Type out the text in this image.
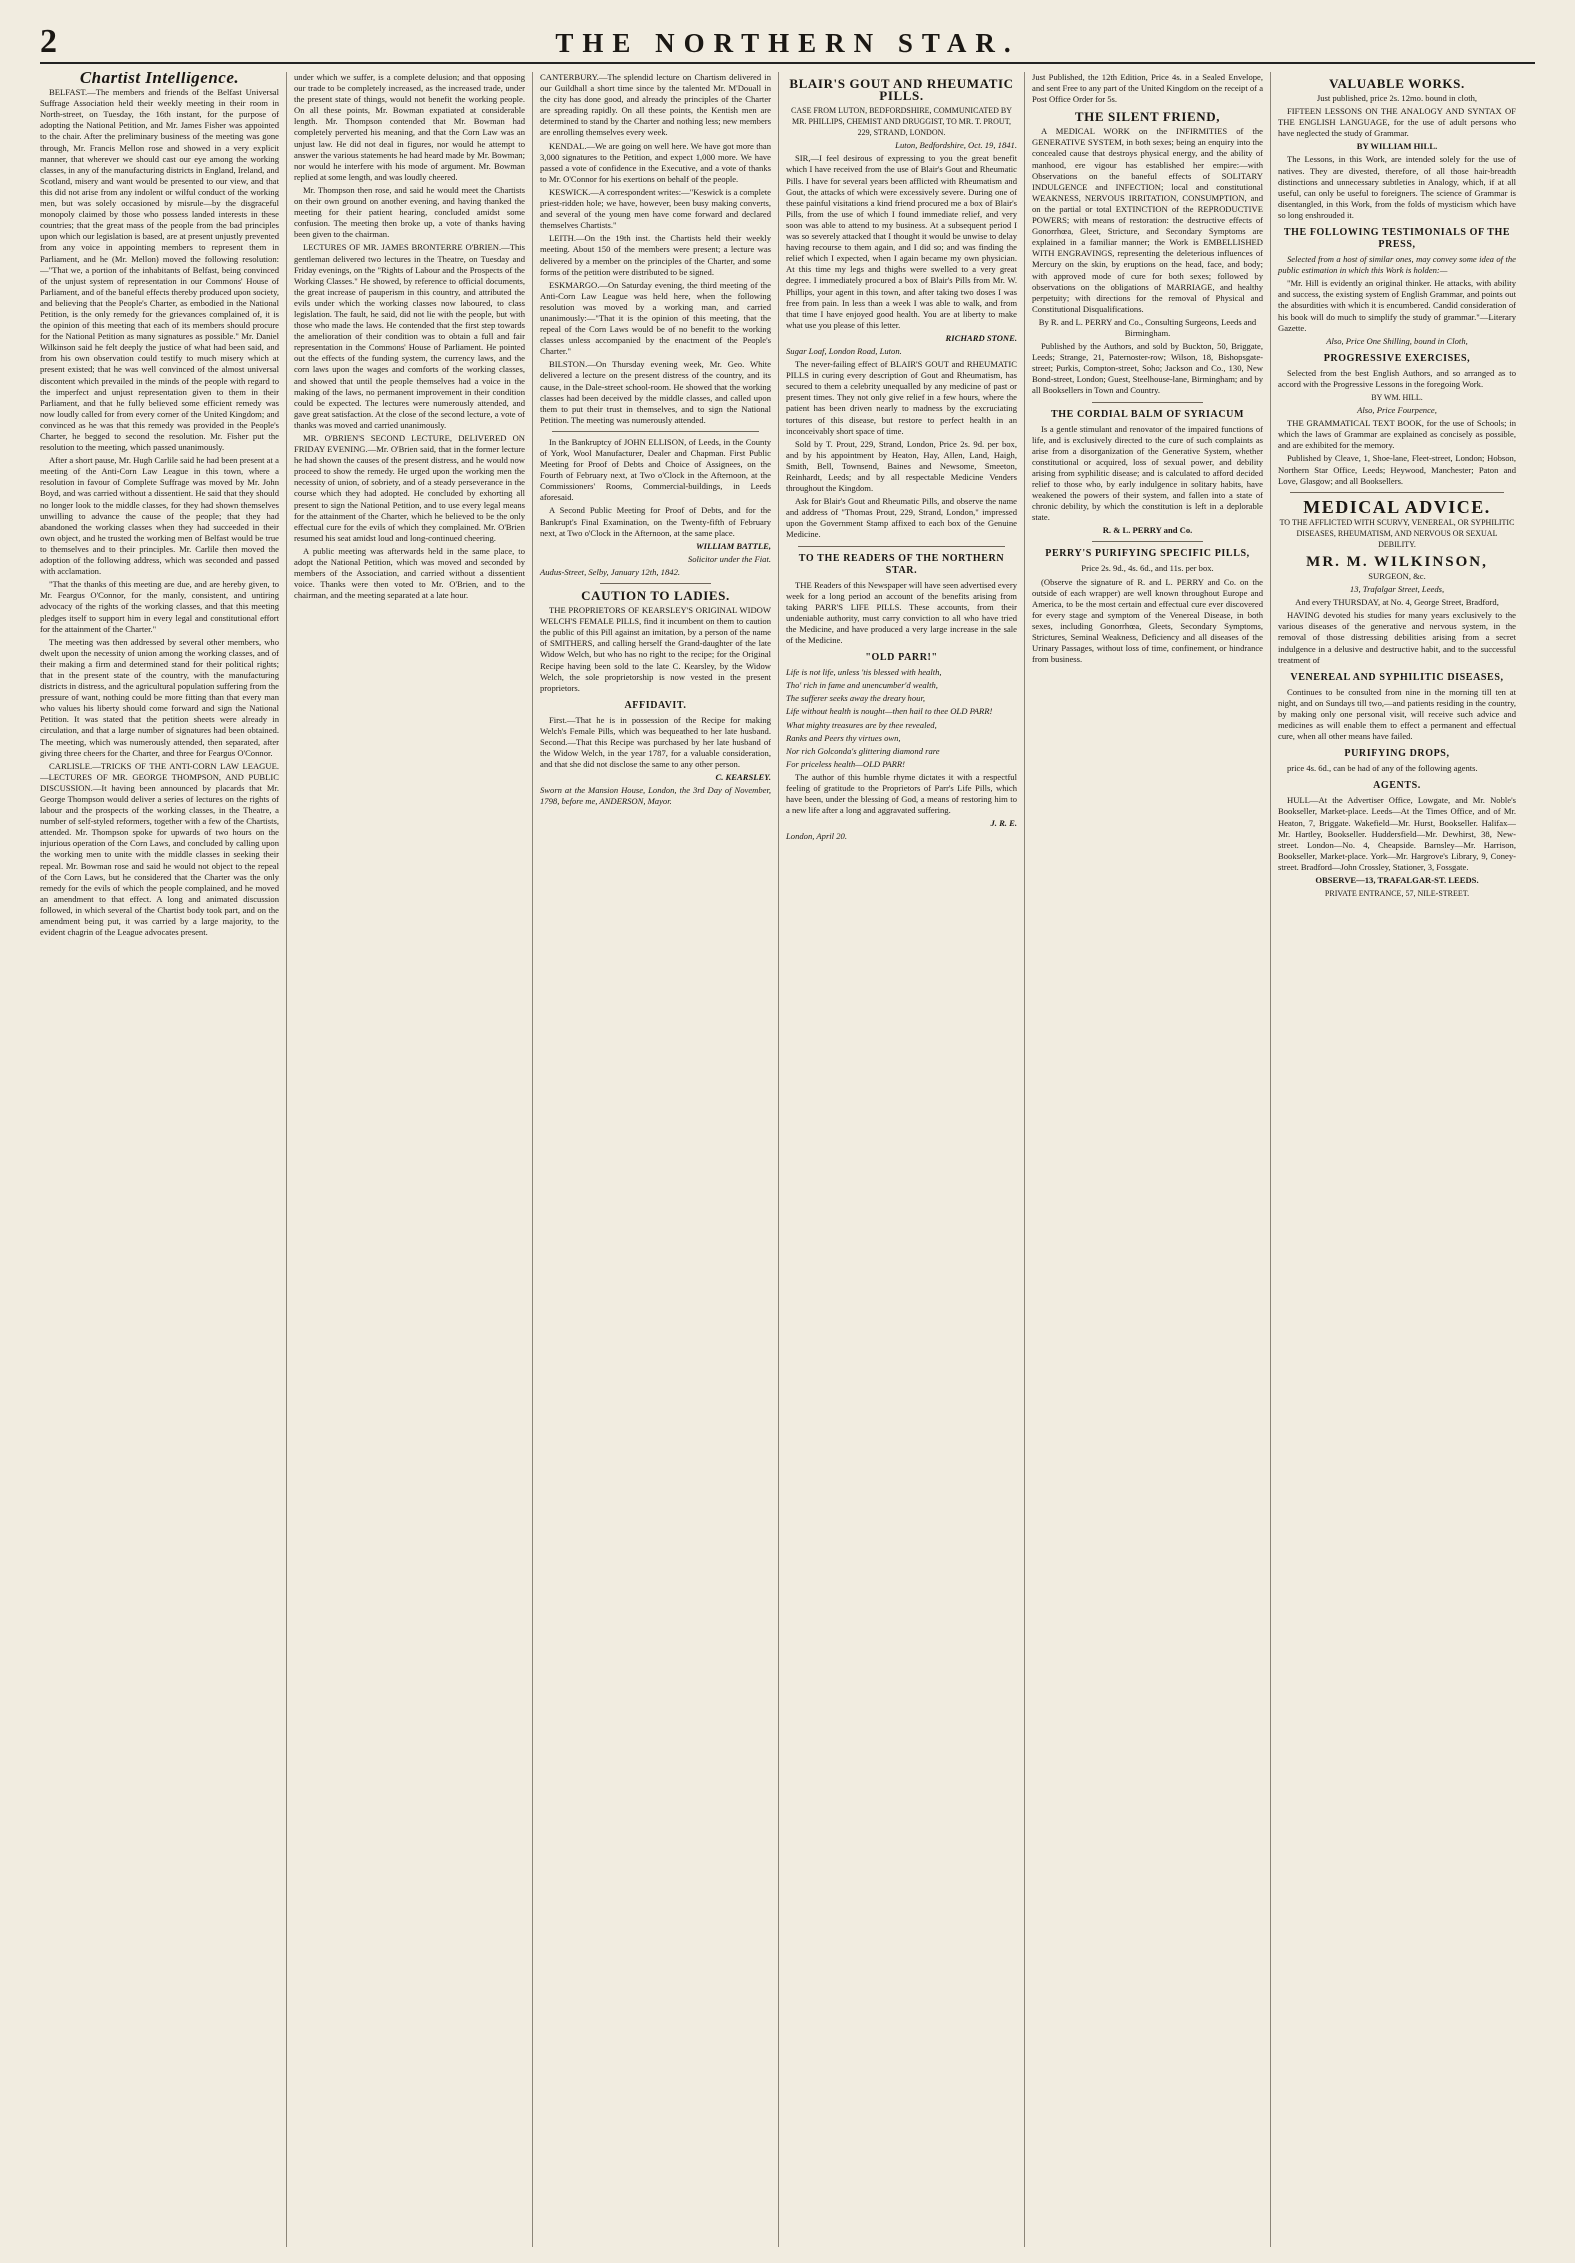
2	THE NORTHERN STAR.
Chartist Intelligence.

BELFAST.—The members and friends of the Belfast Universal Suffrage Association held their weekly meeting in their room in North-street, on Tuesday, the 16th instant, for the purpose of adopting the National Petition, and Mr. James Fisher was appointed to the chair. After the preliminary business of the meeting was gone through, Mr. Francis Mellon rose and showed in a very explicit manner, that wherever we should cast our eye among the working classes, in any of the manufacturing districts in England, Ireland, and Scotland, misery and want would be presented to our view, and that this did not arise from any indolent or wilful conduct of the working men, but was solely occasioned by misrule—by the disgraceful monopoly claimed by those who possess landed interests in these countries; that the great mass of the people from the bad principles upon which our legislation is based, are at present unjustly prevented from any voice in appointing members to represent them in Parliament, and he (Mr. Mellon) moved the following resolution:—"That we, a portion of the inhabitants of Belfast, being convinced of the unjust system of representation in our Commons' House of Parliament, and of the baneful effects thereby produced upon society, and believing that the People's Charter, as embodied in the National Petition, is the only remedy for the grievances complained of, it is the opinion of this meeting that each of its members should procure for the National Petition as many signatures as possible." Mr. Daniel Wilkinson said he felt deeply the justice of what had been said, and from his own observation could testify to much misery which at present existed; that he was well convinced of the almost universal discontent which prevailed in the minds of the people with regard to the imperfect and unjust representation given to them in their Parliament, and that he fully believed some efficient remedy was now loudly called for from every corner of the United Kingdom; and convinced as he was that this remedy was provided in the People's Charter, he begged to second the resolution. Mr. Fisher put the resolution to the meeting, which passed unanimously.

After a short pause, Mr. Hugh Carlile said he had been present at a meeting of the Anti-Corn Law League in this town, where a resolution in favour of Complete Suffrage was moved by Mr. John Boyd, and was carried without a dissentient. He said that they should no longer look to the middle classes, for they had shown themselves unwilling to advance the cause of the people; that they had abandoned the working classes when they had succeeded in their own object, and he trusted the working men of Belfast would be true to themselves and to their principles. Mr. Carlile then moved the adoption of the following address, which was seconded and passed with acclamation.

"That the thanks of this meeting are due, and are hereby given, to Mr. Feargus O'Connor, for the manly, consistent, and untiring advocacy of the rights of the working classes, and that this meeting pledges itself to support him in every legal and constitutional effort for the attainment of the Charter."

The meeting was then addressed by several other members, who dwelt upon the necessity of union among the working classes, and of their making a firm and determined stand for their political rights; that in the present state of the country, with the manufacturing districts in distress, and the agricultural population suffering from the pressure of want, nothing could be more fitting than that every man who values his liberty should come forward and sign the National Petition. It was stated that the petition sheets were already in circulation, and that a large number of signatures had been obtained. The meeting, which was numerously attended, then separated, after giving three cheers for the Charter, and three for Feargus O'Connor.

CARLISLE.—TRICKS OF THE ANTI-CORN LAW LEAGUE.—LECTURES OF MR. GEORGE THOMPSON, AND PUBLIC DISCUSSION.—It having been announced by placards that Mr. George Thompson would deliver a series of lectures on the rights of labour and the prospects of the working classes, in the Theatre, a number of self-styled reformers, together with a few of the Chartists, attended. Mr. Thompson spoke for upwards of two hours on the injurious operation of the Corn Laws, and concluded by calling upon the working men to unite with the middle classes in seeking their repeal. Mr. Bowman rose and said he would not object to the repeal of the Corn Laws, but he considered that the Charter was the only remedy for the evils of which the people complained, and he moved an amendment to that effect. A long and animated discussion followed, in which several of the Chartist body took part, and on the amendment being put, it was carried by a large majority, to the evident chagrin of the League advocates present.

under which we suffer, is a complete delusion; and that opposing our trade to be completely increased, as the increased trade, under the present state of things, would not benefit the working people. On all these points, Mr. Bowman expatiated at considerable length. Mr. Thompson contended that Mr. Bowman had completely perverted his meaning, and that the Corn Law was an unjust law. He did not deal in figures, nor would he attempt to answer the various statements he had heard made by Mr. Bowman; nor would he interfere with his mode of argument. Mr. Bowman replied at some length, and was loudly cheered.

Mr. Thompson then rose, and said he would meet the Chartists on their own ground on another evening, and having thanked the meeting for their patient hearing, concluded amidst some confusion. The meeting then broke up, a vote of thanks having been given to the chairman.

LECTURES OF MR. JAMES BRONTERRE O'BRIEN.—This gentleman delivered two lectures in the Theatre, on Tuesday and Friday evenings, on the "Rights of Labour and the Prospects of the Working Classes." He showed, by reference to official documents, the great increase of pauperism in this country, and attributed the evils under which the working classes now laboured, to class legislation. The fault, he said, did not lie with the people, but with those who made the laws. He contended that the first step towards the amelioration of their condition was to obtain a full and fair representation in the Commons' House of Parliament. He pointed out the effects of the funding system, the currency laws, and the corn laws upon the wages and comforts of the working classes, and showed that until the people themselves had a voice in the making of the laws, no permanent improvement in their condition could be expected. The lectures were numerously attended, and gave great satisfaction. At the close of the second lecture, a vote of thanks was moved and carried unanimously.

MR. O'BRIEN'S SECOND LECTURE, DELIVERED ON FRIDAY EVENING.—Mr. O'Brien said, that in the former lecture he had shown the causes of the present distress, and he would now proceed to show the remedy. He urged upon the working men the necessity of union, of sobriety, and of a steady perseverance in the course which they had adopted. He concluded by exhorting all present to sign the National Petition, and to use every legal means for the attainment of the Charter, which he believed to be the only effectual cure for the evils of which they complained. Mr. O'Brien resumed his seat amidst loud and long-continued cheering.

A public meeting was afterwards held in the same place, to adopt the National Petition, which was moved and seconded by members of the Association, and carried without a dissentient voice. Thanks were then voted to Mr. O'Brien, and to the chairman, and the meeting separated at a late hour.

CANTERBURY.—The splendid lecture on Chartism delivered in our Guildhall a short time since by the talented Mr. M'Douall in the city has done good, and already the principles of the Charter are spreading rapidly. On all these points, the Kentish men are determined to stand by the Charter and nothing less; new members are enrolling themselves every week.

KENDAL.—We are going on well here. We have got more than 3,000 signatures to the Petition, and expect 1,000 more. We have passed a vote of confidence in the Executive, and a vote of thanks to Mr. O'Connor for his exertions on behalf of the people.

KESWICK.—A correspondent writes:—"Keswick is a complete priest-ridden hole; we have, however, been busy making converts, and several of the young men have come forward and declared themselves Chartists."

LEITH.—On the 19th inst. the Chartists held their weekly meeting. About 150 of the members were present; a lecture was delivered by a member on the principles of the Charter, and some forms of the petition were distributed to be signed.

ESKMARGO.—On Saturday evening, the third meeting of the Anti-Corn Law League was held here, when the following resolution was moved by a working man, and carried unanimously:—"That it is the opinion of this meeting, that the repeal of the Corn Laws would be of no benefit to the working classes unless accompanied by the enactment of the People's Charter."

BILSTON.—On Thursday evening week, Mr. Geo. White delivered a lecture on the present distress of the country, and its cause, in the Dale-street school-room. He showed that the working classes had been deceived by the middle classes, and called upon them to put their trust in themselves, and to sign the National Petition. The meeting was numerously attended.

In the Bankruptcy of JOHN ELLISON, of Leeds, in the County of York, Wool Manufacturer, Dealer and Chapman. First Public Meeting for Proof of Debts and Choice of Assignees, on the Fourth of February next, at Two o'Clock in the Afternoon, at the Commissioners' Rooms, Commercial-buildings, in Leeds aforesaid.

A Second Public Meeting for Proof of Debts, and for the Bankrupt's Final Examination, on the Twenty-fifth of February next, at Two o'Clock in the Afternoon, at the same place.

WILLIAM BATTLE,

Solicitor under the Fiat.

Audus-Street, Selby, January 12th, 1842.

CAUTION TO LADIES.

THE PROPRIETORS OF KEARSLEY'S ORIGINAL WIDOW WELCH'S FEMALE PILLS, find it incumbent on them to caution the public of this Pill against an imitation, by a person of the name of SMITHERS, and calling herself the Grand-daughter of the late Widow Welch, but who has no right to the recipe; for the Original Recipe having been sold to the late C. Kearsley, by the Widow Welch, the sole proprietorship is now vested in the present proprietors.

AFFIDAVIT.

First.—That he is in possession of the Recipe for making Welch's Female Pills, which was bequeathed to her late husband. Second.—That this Recipe was purchased by her late husband of the Widow Welch, in the year 1787, for a valuable consideration, and that she did not disclose the same to any other person.

C. KEARSLEY.

Sworn at the Mansion House, London, the 3rd Day of November, 1798, before me, ANDERSON, Mayor.

BLAIR'S GOUT AND RHEUMATIC PILLS.

CASE FROM LUTON, BEDFORDSHIRE, COMMUNICATED BY MR. PHILLIPS, CHEMIST AND DRUGGIST, TO MR. T. PROUT, 229, STRAND, LONDON.

Luton, Bedfordshire, Oct. 19, 1841.

SIR,—I feel desirous of expressing to you the great benefit which I have received from the use of Blair's Gout and Rheumatic Pills. I have for several years been afflicted with Rheumatism and Gout, the attacks of which were excessively severe. During one of these painful visitations a kind friend procured me a box of Blair's Pills, from the use of which I found immediate relief, and very soon was able to attend to my business. At a subsequent period I was so severely attacked that I thought it would be unwise to delay having recourse to them again, and I did so; and was finding the relief which I expected, when I again became my own physician. At this time my legs and thighs were swelled to a very great degree. I immediately procured a box of Blair's Pills from Mr. W. Phillips, your agent in this town, and after taking two doses I was free from pain. In less than a week I was able to walk, and from that time I have enjoyed good health. You are at liberty to make what use you please of this letter.

RICHARD STONE.

Sugar Loaf, London Road, Luton.

The never-failing effect of BLAIR'S GOUT and RHEUMATIC PILLS in curing every description of Gout and Rheumatism, has secured to them a celebrity unequalled by any medicine of past or present times. They not only give relief in a few hours, where the patient has been driven nearly to madness by the excruciating tortures of this disease, but restore to perfect health in an inconceivably short space of time.

Sold by T. Prout, 229, Strand, London, Price 2s. 9d. per box, and by his appointment by Heaton, Hay, Allen, Land, Haigh, Smith, Bell, Townsend, Baines and Newsome, Smeeton, Reinhardt, Leeds; and by all respectable Medicine Venders throughout the Kingdom.

Ask for Blair's Gout and Rheumatic Pills, and observe the name and address of "Thomas Prout, 229, Strand, London," impressed upon the Government Stamp affixed to each box of the Genuine Medicine.

TO THE READERS OF THE NORTHERN STAR.

THE Readers of this Newspaper will have seen advertised every week for a long period an account of the benefits arising from taking PARR'S LIFE PILLS. These accounts, from their undeniable authority, must carry conviction to all who have tried the Medicine, and have produced a very large increase in the sale of the Medicine.

"OLD PARR!"

Life is not life, unless 'tis blessed with health,

Tho' rich in fame and unencumber'd wealth,

The sufferer seeks away the dreary hour,

Life without health is nought—then hail to thee OLD PARR!

What mighty treasures are by thee revealed,

Ranks and Peers thy virtues own,

Nor rich Golconda's glittering diamond rare

For priceless health—OLD PARR!

The author of this humble rhyme dictates it with a respectful feeling of gratitude to the Proprietors of Parr's Life Pills, which have been, under the blessing of God, a means of restoring him to a new life after a long and aggravated suffering.

J. R. E.

London, April 20.

Just Published, the 12th Edition, Price 4s. in a Sealed Envelope, and sent Free to any part of the United Kingdom on the receipt of a Post Office Order for 5s.

THE SILENT FRIEND,

A MEDICAL WORK on the INFIRMITIES of the GENERATIVE SYSTEM, in both sexes; being an enquiry into the concealed cause that destroys physical energy, and the ability of manhood, ere vigour has established her empire:—with Observations on the baneful effects of SOLITARY INDULGENCE and INFECTION; local and constitutional WEAKNESS, NERVOUS IRRITATION, CONSUMPTION, and on the partial or total EXTINCTION of the REPRODUCTIVE POWERS; with means of restoration: the destructive effects of Gonorrhœa, Gleet, Stricture, and Secondary Symptoms are explained in a familiar manner; the Work is EMBELLISHED WITH ENGRAVINGS, representing the deleterious influences of Mercury on the skin, by eruptions on the head, face, and body; with approved mode of cure for both sexes; followed by observations on the obligations of MARRIAGE, and healthy perpetuity; with directions for the removal of Physical and Constitutional Disqualifications.

By R. and L. PERRY and Co., Consulting Surgeons, Leeds and Birmingham.

Published by the Authors, and sold by Buckton, 50, Briggate, Leeds; Strange, 21, Paternoster-row; Wilson, 18, Bishopsgate-street; Purkis, Compton-street, Soho; Jackson and Co., 130, New Bond-street, London; Guest, Steelhouse-lane, Birmingham; and by all Booksellers in Town and Country.

THE CORDIAL BALM OF SYRIACUM

Is a gentle stimulant and renovator of the impaired functions of life, and is exclusively directed to the cure of such complaints as arise from a disorganization of the Generative System, whether constitutional or acquired, loss of sexual power, and debility arising from syphilitic disease; and is calculated to afford decided relief to those who, by early indulgence in solitary habits, have weakened the powers of their system, and fallen into a state of chronic debility, by which the constitution is left in a deplorable state.

R. & L. PERRY and Co.

PERRY'S PURIFYING SPECIFIC PILLS,

Price 2s. 9d., 4s. 6d., and 11s. per box.

(Observe the signature of R. and L. PERRY and Co. on the outside of each wrapper) are well known throughout Europe and America, to be the most certain and effectual cure ever discovered for every stage and symptom of the Venereal Disease, in both sexes, including Gonorrhœa, Gleets, Secondary Symptoms, Strictures, Seminal Weakness, Deficiency and all diseases of the Urinary Passages, without loss of time, confinement, or hindrance from business.

VALUABLE WORKS.

Just published, price 2s. 12mo. bound in cloth,

FIFTEEN LESSONS ON THE ANALOGY AND SYNTAX OF THE ENGLISH LANGUAGE, for the use of adult persons who have neglected the study of Grammar.

BY WILLIAM HILL.

The Lessons, in this Work, are intended solely for the use of natives. They are divested, therefore, of all those hair-breadth distinctions and unnecessary subtleties in Analogy, which, if at all useful, can only be useful to foreigners. The science of Grammar is disentangled, in this Work, from the folds of mysticism which have so long enshrouded it.

THE FOLLOWING TESTIMONIALS OF THE PRESS,

Selected from a host of similar ones, may convey some idea of the public estimation in which this Work is holden:—

"Mr. Hill is evidently an original thinker. He attacks, with ability and success, the existing system of English Grammar, and points out the absurdities with which it is encumbered. Candid consideration of his book will do much to simplify the study of grammar."—Literary Gazette.

Also, Price One Shilling, bound in Cloth,

PROGRESSIVE EXERCISES,

Selected from the best English Authors, and so arranged as to accord with the Progressive Lessons in the foregoing Work.

BY WM. HILL.

Also, Price Fourpence,

THE GRAMMATICAL TEXT BOOK, for the use of Schools; in which the laws of Grammar are explained as concisely as possible, and are exhibited for the memory.

Published by Cleave, 1, Shoe-lane, Fleet-street, London; Hobson, Northern Star Office, Leeds; Heywood, Manchester; Paton and Love, Glasgow; and all Booksellers.

MEDICAL ADVICE.

TO THE AFFLICTED WITH SCURVY, VENEREAL, OR SYPHILITIC DISEASES, RHEUMATISM, AND NERVOUS OR SEXUAL DEBILITY.

MR. M. WILKINSON,

SURGEON, &c.

13, Trafalgar Street, Leeds,

And every THURSDAY, at No. 4, George Street, Bradford,

HAVING devoted his studies for many years exclusively to the various diseases of the generative and nervous system, in the removal of those distressing debilities arising from a secret indulgence in a delusive and destructive habit, and to the successful treatment of

VENEREAL AND SYPHILITIC DISEASES,

Continues to be consulted from nine in the morning till ten at night, and on Sundays till two,—and patients residing in the country, by making only one personal visit, will receive such advice and medicines as will enable them to effect a permanent and effectual cure, when all other means have failed.

PURIFYING DROPS,

price 4s. 6d., can be had of any of the following agents.

AGENTS.

HULL—At the Advertiser Office, Lowgate, and Mr. Noble's Bookseller, Market-place. Leeds—At the Times Office, and of Mr. Heaton, 7, Briggate. Wakefield—Mr. Hurst, Bookseller. Halifax—Mr. Hartley, Bookseller. Huddersfield—Mr. Dewhirst, 38, New-street. London—No. 4, Cheapside. Barnsley—Mr. Harrison, Bookseller, Market-place. York—Mr. Hargrove's Library, 9, Coney-street. Bradford—John Crossley, Stationer, 3, Fossgate.

OBSERVE—13, TRAFALGAR-ST. LEEDS.

PRIVATE ENTRANCE, 57, NILE-STREET.
